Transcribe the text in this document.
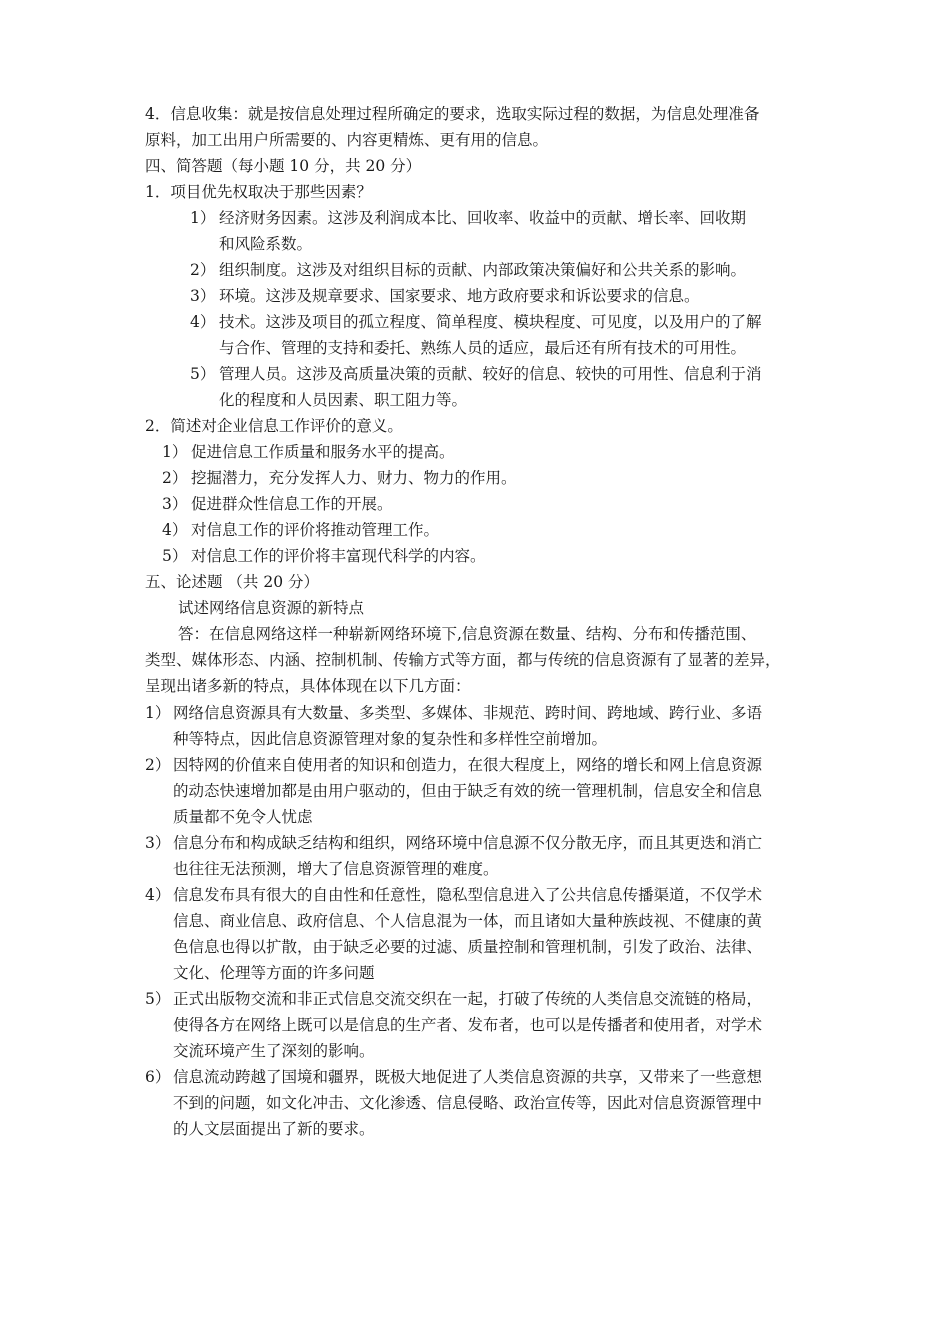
4．信息收集：就是按信息处理过程所确定的要求，选取实际过程的数据，为信息处理准备
原料，加工出用户所需要的、内容更精炼、更有用的信息。
四、简答题（每小题 10 分，共 20 分）
1．项目优先权取决于那些因素？
1） 经济财务因素。这涉及利润成本比、回收率、收益中的贡献、增长率、回收期
和风险系数。
2） 组织制度。这涉及对组织目标的贡献、内部政策决策偏好和公共关系的影响。
3） 环境。这涉及规章要求、国家要求、地方政府要求和诉讼要求的信息。
4） 技术。这涉及项目的孤立程度、简单程度、模块程度、可见度，以及用户的了解
与合作、管理的支持和委托、熟练人员的适应，最后还有所有技术的可用性。
5） 管理人员。这涉及高质量决策的贡献、较好的信息、较快的可用性、信息利于消
化的程度和人员因素、职工阻力等。
2．简述对企业信息工作评价的意义。
1） 促进信息工作质量和服务水平的提高。
2） 挖掘潜力，充分发挥人力、财力、物力的作用。
3） 促进群众性信息工作的开展。
4） 对信息工作的评价将推动管理工作。
5） 对信息工作的评价将丰富现代科学的内容。
五、论述题 （共 20 分）
试述网络信息资源的新特点
答：在信息网络这样一种崭新网络环境下,信息资源在数量、结构、分布和传播范围、
类型、媒体形态、内涵、控制机制、传输方式等方面，都与传统的信息资源有了显著的差异，
呈现出诸多新的特点，具体体现在以下几方面：
1） 网络信息资源具有大数量、多类型、多媒体、非规范、跨时间、跨地域、跨行业、多语
种等特点，因此信息资源管理对象的复杂性和多样性空前增加。
2） 因特网的价值来自使用者的知识和创造力，在很大程度上，网络的增长和网上信息资源
的动态快速增加都是由用户驱动的，但由于缺乏有效的统一管理机制，信息安全和信息
质量都不免令人忧虑
3） 信息分布和构成缺乏结构和组织，网络环境中信息源不仅分散无序，而且其更迭和消亡
也往往无法预测，增大了信息资源管理的难度。
4） 信息发布具有很大的自由性和任意性，隐私型信息进入了公共信息传播渠道，不仅学术
信息、商业信息、政府信息、个人信息混为一体，而且诸如大量种族歧视、不健康的黄
色信息也得以扩散，由于缺乏必要的过滤、质量控制和管理机制，引发了政治、法律、
文化、伦理等方面的许多问题
5） 正式出版物交流和非正式信息交流交织在一起，打破了传统的人类信息交流链的格局，
使得各方在网络上既可以是信息的生产者、发布者，也可以是传播者和使用者，对学术
交流环境产生了深刻的影响。
6） 信息流动跨越了国境和疆界，既极大地促进了人类信息资源的共享，又带来了一些意想
不到的问题，如文化冲击、文化渗透、信息侵略、政治宣传等，因此对信息资源管理中
的人文层面提出了新的要求。
